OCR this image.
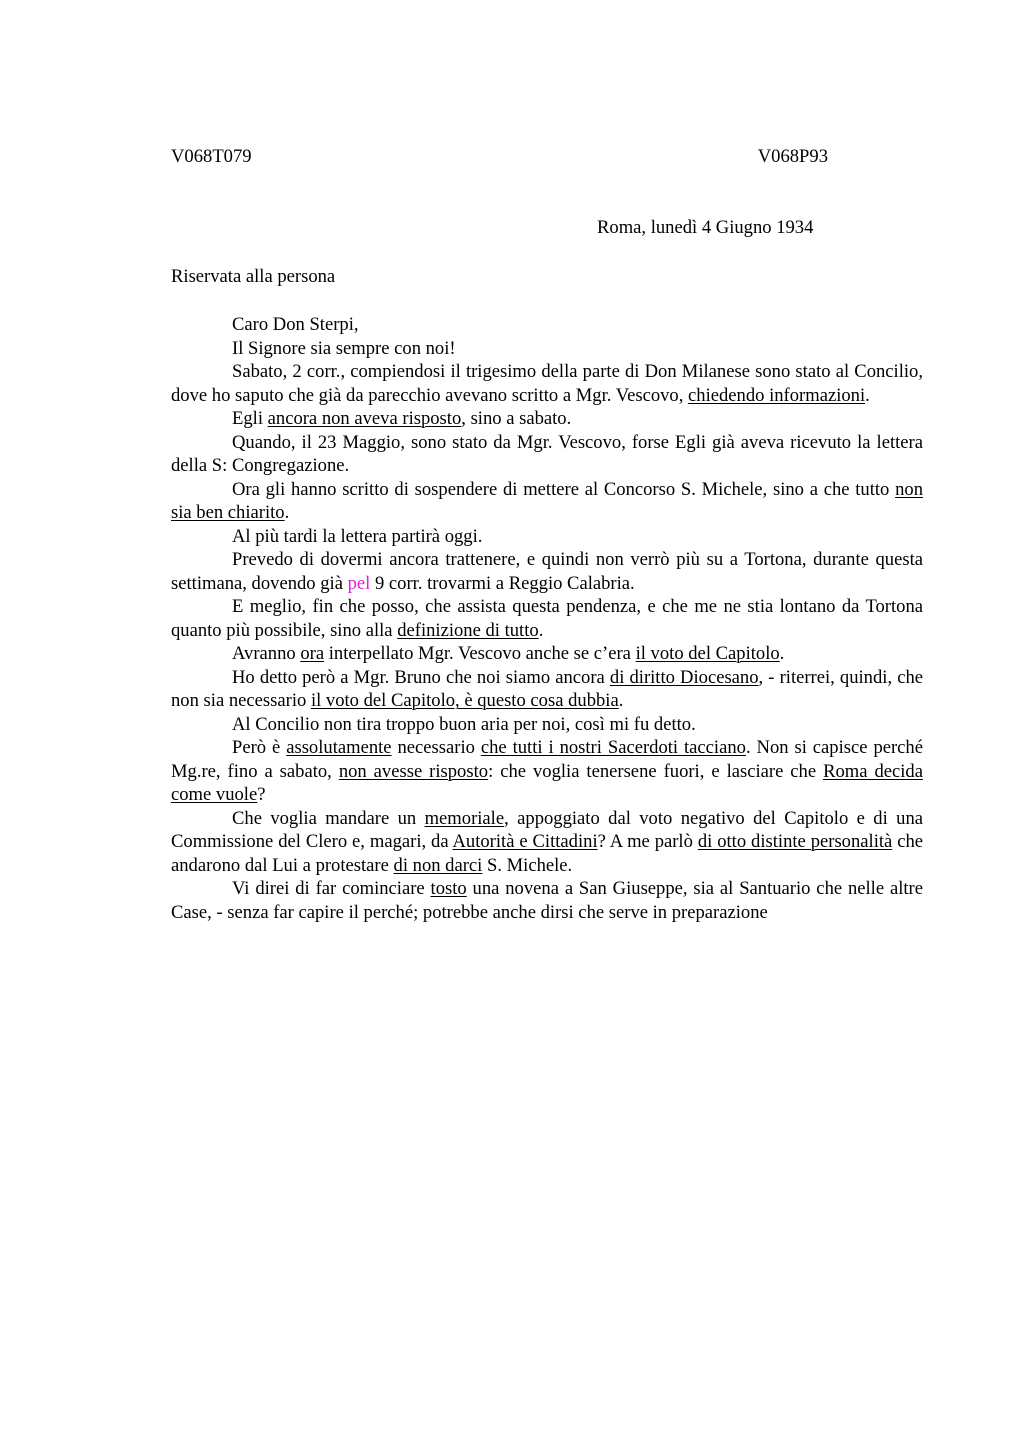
V068T079	V068P93
Roma, lunedì 4 Giugno 1934
Riservata alla persona

Caro Don Sterpi,

Il Signore sia sempre con noi!

Sabato, 2 corr., compiendosi il trigesimo della parte di Don Milanese sono stato al Concilio, dove ho saputo che già da parecchio avevano scritto a Mgr. Vescovo, chiedendo informazioni.

Egli ancora non aveva risposto, sino a sabato.

Quando, il 23 Maggio, sono stato da Mgr. Vescovo, forse Egli già aveva ricevuto la lettera della S: Congregazione.

Ora gli hanno scritto di sospendere di mettere al Concorso S. Michele, sino a che tutto non sia ben chiarito.

Al più tardi la lettera partirà oggi.

Prevedo di dovermi ancora trattenere, e quindi non verrò più su a Tortona, durante questa settimana, dovendo già pel 9 corr. trovarmi a Reggio Calabria.

E meglio, fin che posso, che assista questa pendenza, e che me ne stia lontano da Tortona quanto più possibile, sino alla definizione di tutto.

Avranno ora interpellato Mgr. Vescovo anche se c’era il voto del Capitolo.

Ho detto però a Mgr. Bruno che noi siamo ancora di diritto Diocesano, - riterrei, quindi, che non sia necessario il voto del Capitolo, è questo cosa dubbia.

Al Concilio non tira troppo buon aria per noi, così mi fu detto.

Però è assolutamente necessario che tutti i nostri Sacerdoti tacciano. Non si capisce perché Mg.re, fino a sabato, non avesse risposto: che voglia tenersene fuori, e lasciare che Roma decida come vuole?

Che voglia mandare un memoriale, appoggiato dal voto negativo del Capitolo e di una Commissione del Clero e, magari, da Autorità e Cittadini? A me parlò di otto distinte personalità che andarono dal Lui a protestare di non darci S. Michele.

Vi direi di far cominciare tosto una novena a San Giuseppe, sia al Santuario che nelle altre Case, - senza far capire il perché; potrebbe anche dirsi che serve in preparazione
